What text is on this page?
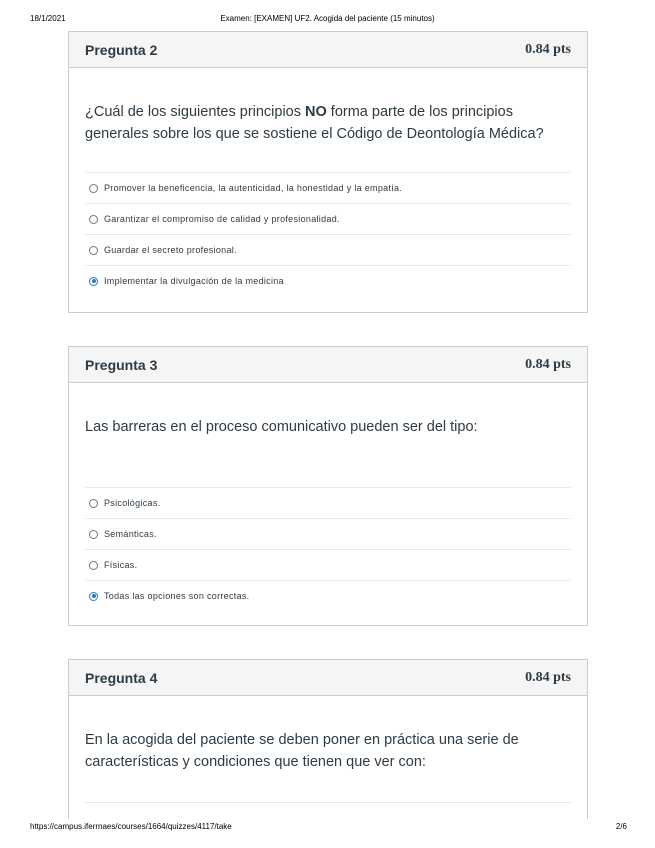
18/1/2021	Examen: [EXAMEN] UF2. Acogida del paciente (15 minutos)
Pregunta 2	0.84 pts

¿Cuál de los siguientes principios NO forma parte de los principios generales sobre los que se sostiene el Código de Deontología Médica?

Promover la beneficencia, la autenticidad, la honestidad y la empatía.
Garantizar el compromiso de calidad y profesionalidad.
Guardar el secreto profesional.
Implementar la divulgación de la medicina
Pregunta 3	0.84 pts

Las barreras en el proceso comunicativo pueden ser del tipo:

Psicológicas.
Semánticas.
Físicas.
Todas las opciones son correctas.
Pregunta 4	0.84 pts

En la acogida del paciente se deben poner en práctica una serie de características y condiciones que tienen que ver con:

https://campus.iferrnaes/courses/1664/quizzes/4117/take	2/6
